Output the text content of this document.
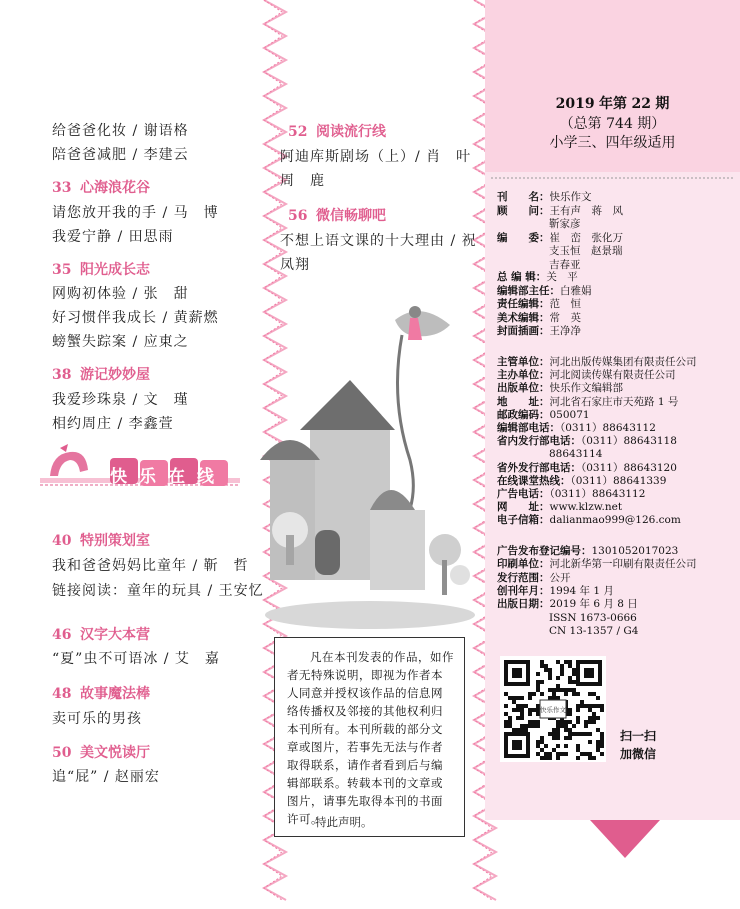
2019 年第 22 期
（总第 744 期）
小学三、四年级适用
刊　　名：快乐作文
顾　　问：王有声　蒋　风
靳家彦
编　　委：崔　峦　张化万
支玉恒　赵景瑞
吉春亚
总 编 辑：关　平
编辑部主任：白雅娟
责任编辑：范　恒
美术编辑：常　英
封面插画：王净净
主管单位：河北出版传媒集团有限责任公司
主办单位：河北阅读传媒有限责任公司
出版单位：快乐作文编辑部
地　　址：河北省石家庄市天苑路 1 号
邮政编码：050071
编辑部电话：（0311）88643112
省内发行部电话：（0311）88643118
88643114
省外发行部电话：（0311）88643120
在线课堂热线：（0311）88641339
广告电话：（0311）88643112
网　　址：www.klzw.net
电子信箱：dalianmao999@126.com
广告发布登记编号：1301052017023
印刷单位：河北新华第一印刷有限责任公司
发行范围：公开
创刊年月：1994 年 1 月
出版日期：2019 年 6 月 8 日
ISSN 1673-0666
CN 13-1357 / G4
给爸爸化妆 / 谢语格
陪爸爸减肥 / 李建云
33 心海浪花谷
请您放开我的手 / 马　博
我爱宁静 / 田思雨
35 阳光成长志
网购初体验 / 张　甜
好习惯伴我成长 / 黄薪燃
螃蟹失踪案 / 应東之
38 游记妙妙屋
我爱珍珠泉 / 文　瑾
相约周庄 / 李鑫萱
快乐在线
40 特别策划室
我和爸爸妈妈比童年 / 靳　哲
链接阅读：童年的玩具 / 王安忆
46 汉字大本营
“夏”虫不可语冰 / 艾　嘉
48 故事魔法棒
卖可乐的男孩
50 美文悦读厅
追“屁” / 赵丽宏
52 阅读流行线
阿迪库斯剧场（上）/ 肖　叶
周　鹿
56 微信畅聊吧
不想上语文课的十大理由 / 祝
凤翔

凡在本刊发表的作品，如作者无特殊说明，即视为作者本人同意并授权该作品的信息网络传播权及邻接的其他权利归本刊所有。本刊所载的部分文章或图片，若事先无法与作者取得联系，请作者看到后与编辑部联系。转载本刊的文章或图片，请事先取得本刊的书面许可。

特此声明。
快乐作文
扫一扫
加微信
